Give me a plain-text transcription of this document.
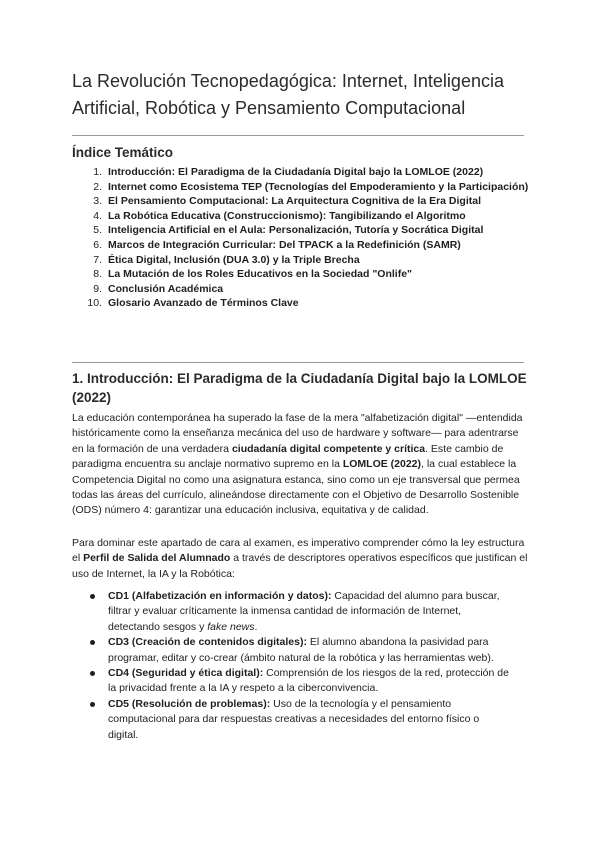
La Revolución Tecnopedagógica: Internet, Inteligencia Artificial, Robótica y Pensamiento Computacional
Índice Temático
1. Introducción: El Paradigma de la Ciudadanía Digital bajo la LOMLOE (2022)
2. Internet como Ecosistema TEP (Tecnologías del Empoderamiento y la Participación)
3. El Pensamiento Computacional: La Arquitectura Cognitiva de la Era Digital
4. La Robótica Educativa (Construccionismo): Tangibilizando el Algoritmo
5. Inteligencia Artificial en el Aula: Personalización, Tutoría y Socrática Digital
6. Marcos de Integración Curricular: Del TPACK a la Redefinición (SAMR)
7. Ética Digital, Inclusión (DUA 3.0) y la Triple Brecha
8. La Mutación de los Roles Educativos en la Sociedad "Onlife"
9. Conclusión Académica
10. Glosario Avanzado de Términos Clave
1. Introducción: El Paradigma de la Ciudadanía Digital bajo la LOMLOE (2022)

La educación contemporánea ha superado la fase de la mera "alfabetización digital" —entendida históricamente como la enseñanza mecánica del uso de hardware y software— para adentrarse en la formación de una verdadera ciudadanía digital competente y crítica. Este cambio de paradigma encuentra su anclaje normativo supremo en la LOMLOE (2022), la cual establece la Competencia Digital no como una asignatura estanca, sino como un eje transversal que permea todas las áreas del currículo, alineándose directamente con el Objetivo de Desarrollo Sostenible (ODS) número 4: garantizar una educación inclusiva, equitativa y de calidad.

Para dominar este apartado de cara al examen, es imperativo comprender cómo la ley estructura el Perfil de Salida del Alumnado a través de descriptores operativos específicos que justifican el uso de Internet, la IA y la Robótica:

CD1 (Alfabetización en información y datos): Capacidad del alumno para buscar, filtrar y evaluar críticamente la inmensa cantidad de información de Internet, detectando sesgos y fake news.
CD3 (Creación de contenidos digitales): El alumno abandona la pasividad para programar, editar y co-crear (ámbito natural de la robótica y las herramientas web).
CD4 (Seguridad y ética digital): Comprensión de los riesgos de la red, protección de la privacidad frente a la IA y respeto a la ciberconvivencia.
CD5 (Resolución de problemas): Uso de la tecnología y el pensamiento computacional para dar respuestas creativas a necesidades del entorno físico o digital.
